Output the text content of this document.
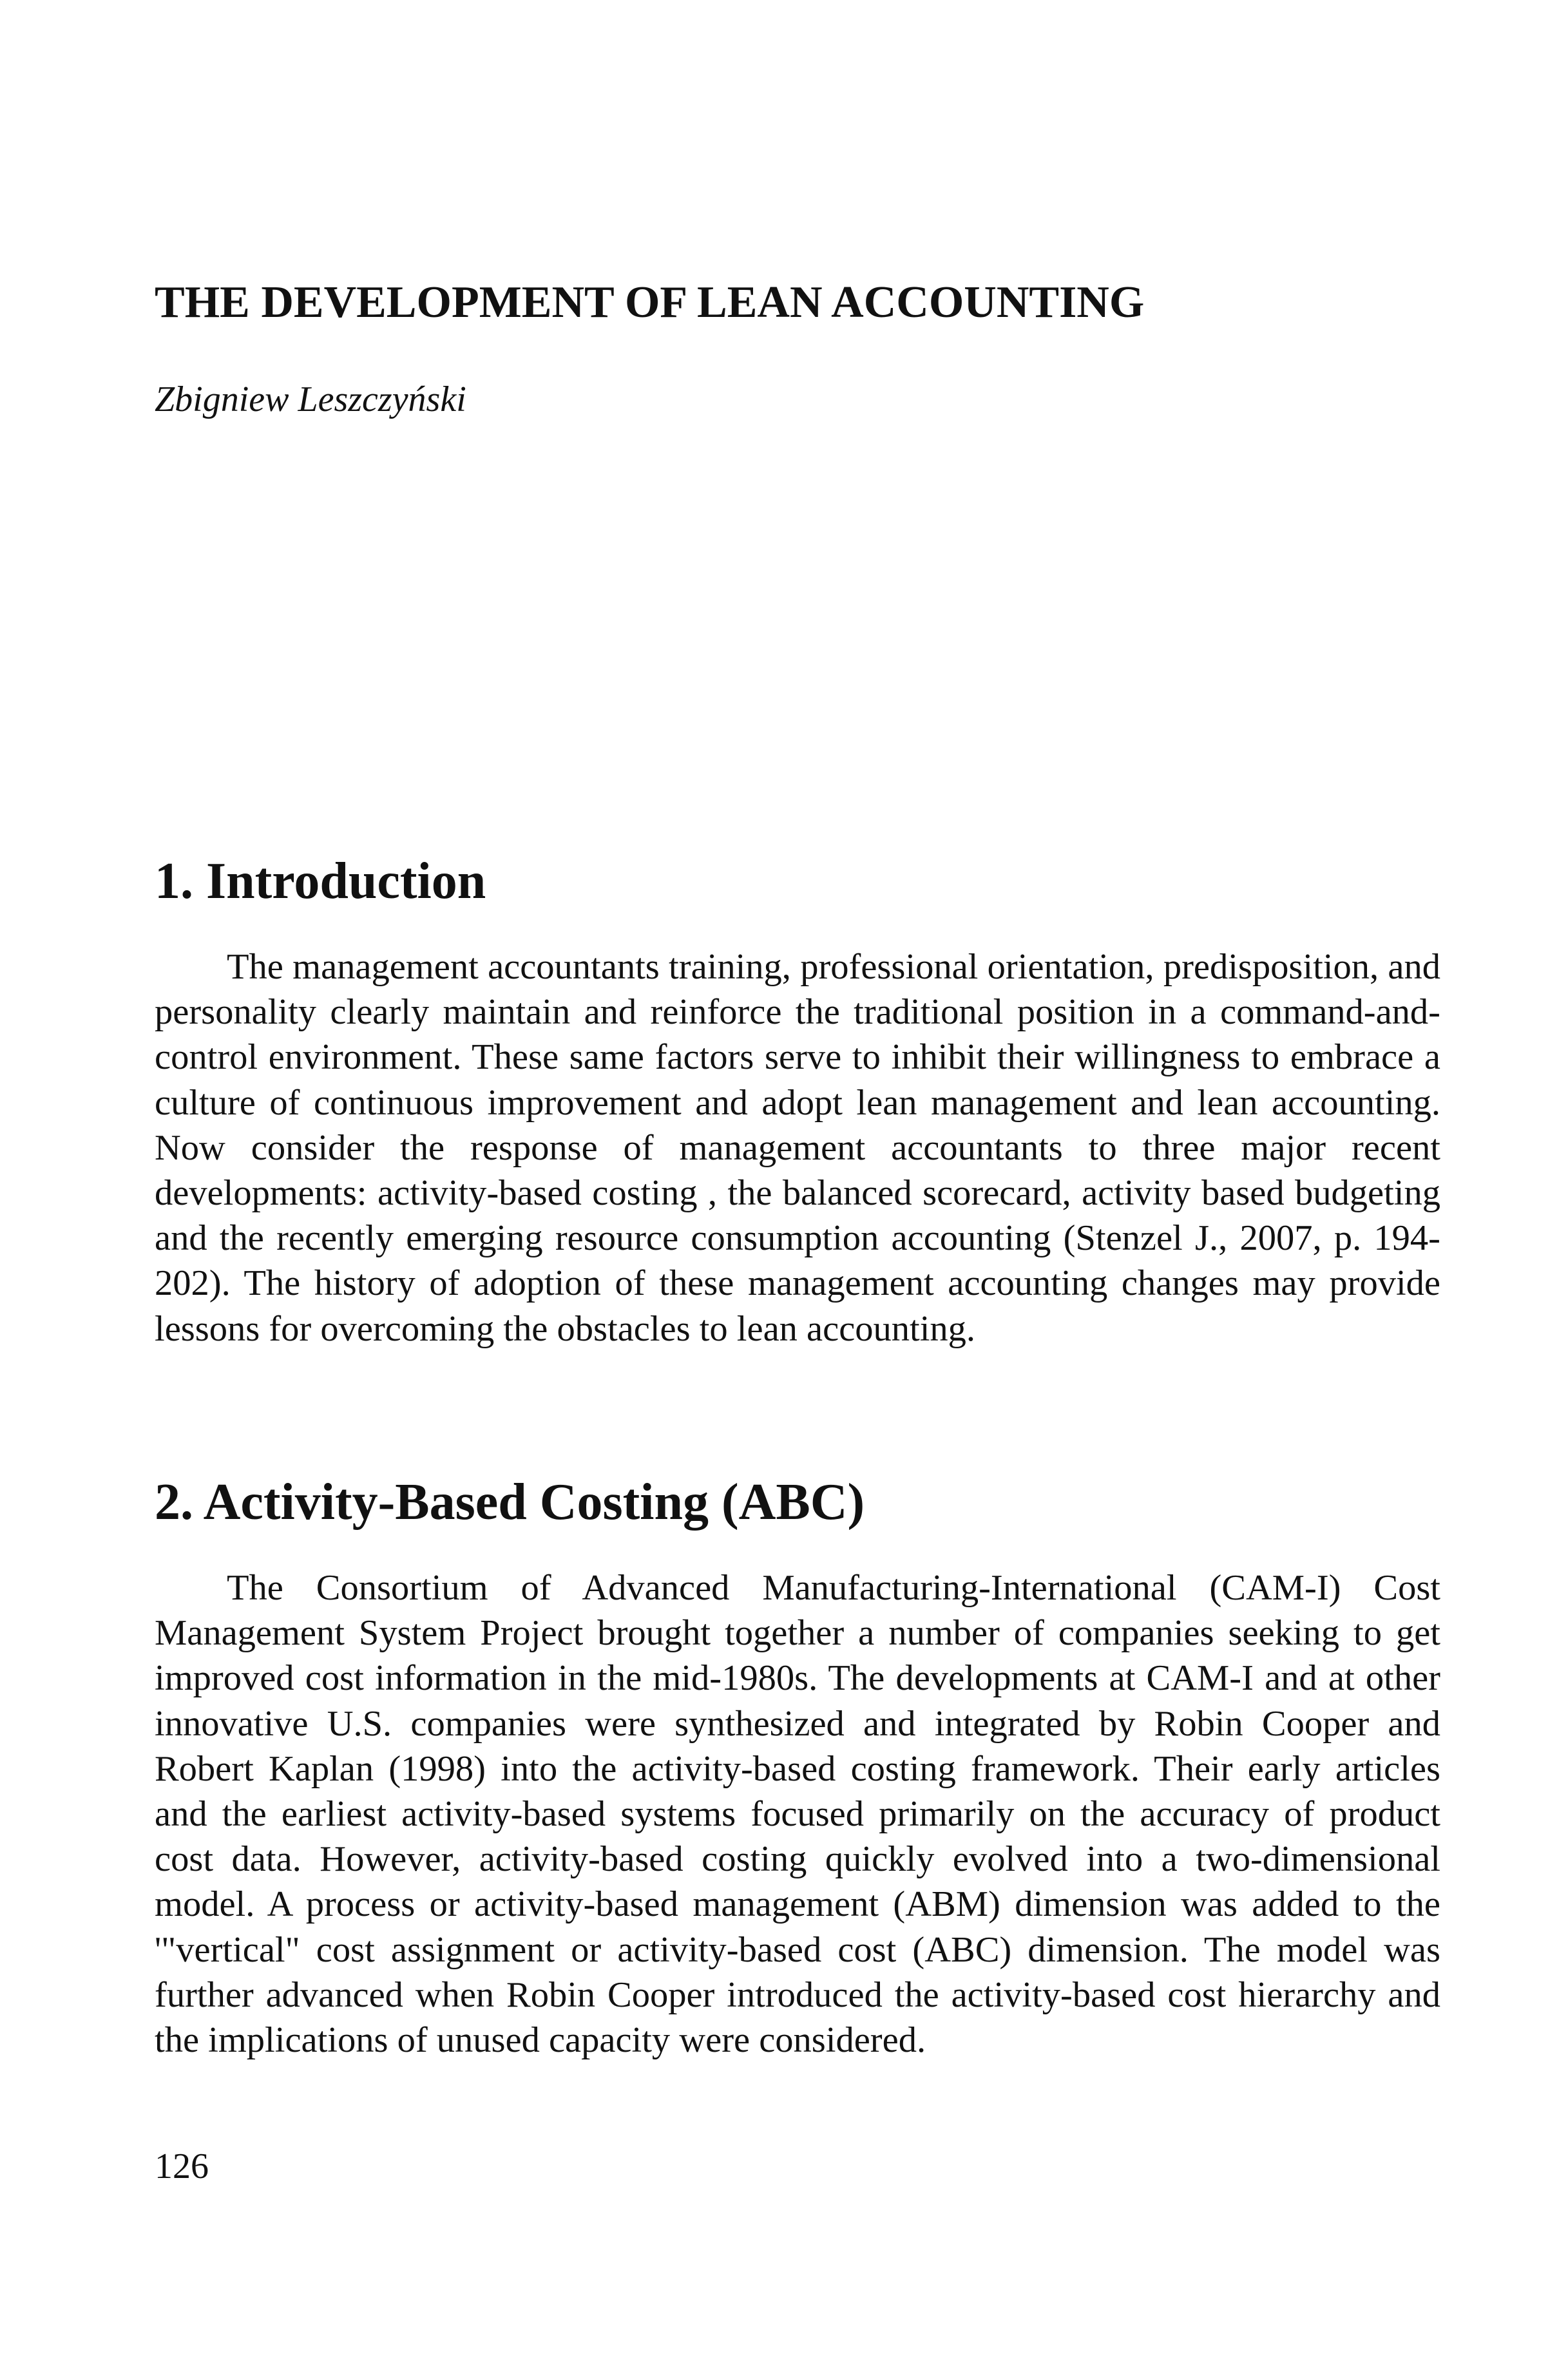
THE DEVELOPMENT OF LEAN ACCOUNTING

Zbigniew Leszczyński

1. Introduction

The management accountants training, professional orientation, predisposition, and personality clearly maintain and reinforce the traditional position in a command-and-control environment. These same factors serve to inhibit their willingness to embrace a culture of continuous improvement and adopt lean management and lean accounting. Now consider the response of management accountants to three major recent developments: activity-based costing , the balanced scorecard, activity based budgeting and the recently emerging resource consumption accounting (Stenzel J., 2007, p. 194-202). The history of adoption of these management accounting changes may provide lessons for overcoming the obstacles to lean accounting.

2. Activity-Based Costing (ABC)

The Consortium of Advanced Manufacturing-International (CAM-I) Cost Management System Project brought together a number of companies seeking to get improved cost information in the mid-1980s. The developments at CAM-I and at other innovative U.S. companies were synthesized and integrated by Robin Cooper and Robert Kaplan (1998) into the activity-based costing framework. Their early articles and the earliest activity-based systems focused primarily on the accuracy of product cost data. However, activity-based costing quickly evolved into a two-dimensional model. A process or activity-based management (ABM) dimension was added to the '"vertical" cost assignment or activity-based cost (ABC) dimension. The model was further advanced when Robin Cooper introduced the activity-based cost hierarchy and the implications of unused capacity were considered.

126
